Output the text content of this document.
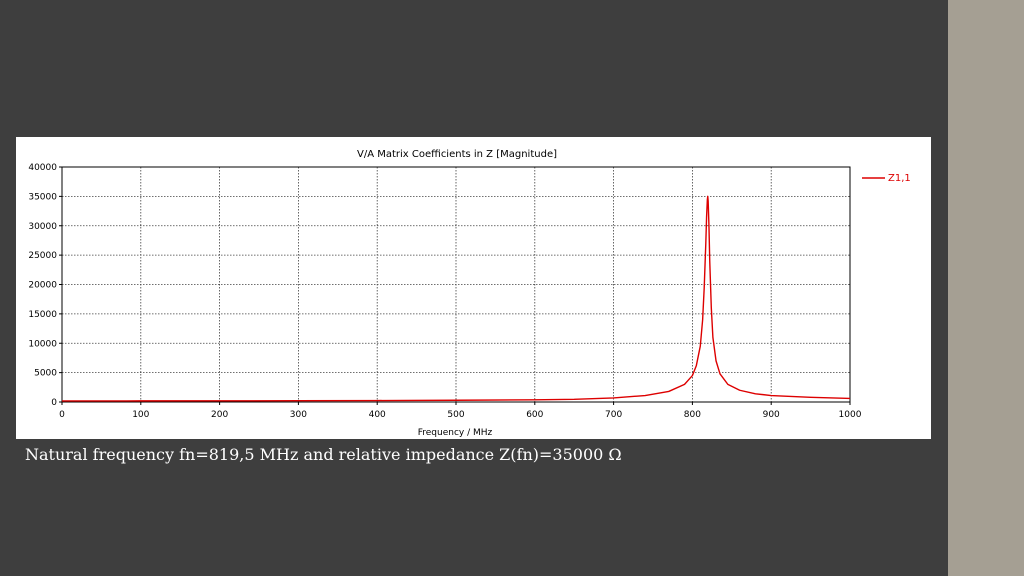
0	100	200	300	400	500	600	700	800	900	1000
0
5000
10000
15000
20000
25000
30000
35000
40000
V/A Matrix Coefficients in Z [Magnitude]
Frequency / MHz
Z1,1
Natural frequency fn=819,5 MHz and relative impedance Z(fn)=35000 Ω
